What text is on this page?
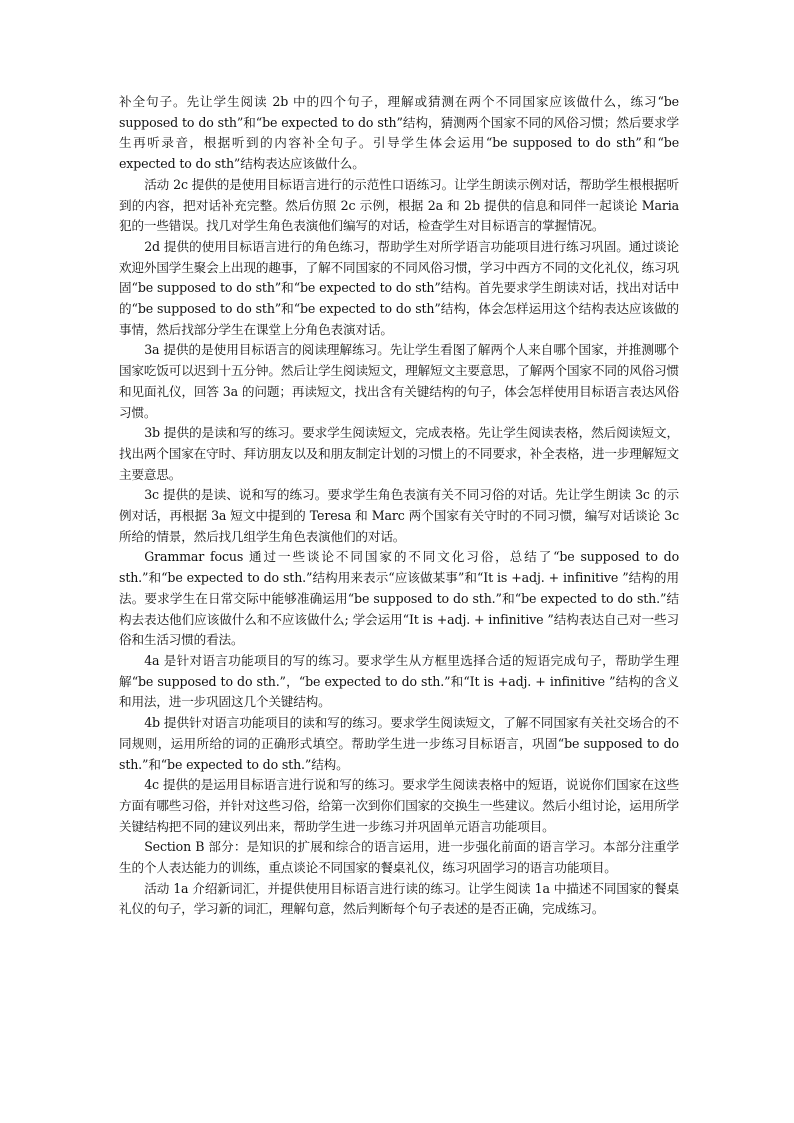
补全句子。先让学生阅读 2b 中的四个句子，理解或猜测在两个不同国家应该做什么，练习“be supposed to do sth”和“be expected to do sth”结构，猜测两个国家不同的风俗习惯；然后要求学生再听录音，根据听到的内容补全句子。引导学生体会运用“be supposed to do sth”和“be expected to do sth”结构表达应该做什么。

活动 2c 提供的是使用目标语言进行的示范性口语练习。让学生朗读示例对话，帮助学生根根据听到的内容，把对话补充完整。然后仿照 2c 示例，根据 2a 和 2b 提供的信息和同伴一起谈论 Maria 犯的一些错误。找几对学生角色表演他们编写的对话，检查学生对目标语言的掌握情况。

2d 提供的使用目标语言进行的角色练习，帮助学生对所学语言功能项目进行练习巩固。通过谈论欢迎外国学生聚会上出现的趣事，了解不同国家的不同风俗习惯，学习中西方不同的文化礼仪，练习巩固“be supposed to do sth”和“be expected to do sth”结构。首先要求学生朗读对话，找出对话中的“be supposed to do sth”和“be expected to do sth”结构，体会怎样运用这个结构表达应该做的事情，然后找部分学生在课堂上分角色表演对话。

3a 提供的是使用目标语言的阅读理解练习。先让学生看图了解两个人来自哪个国家，并推测哪个国家吃饭可以迟到十五分钟。然后让学生阅读短文，理解短文主要意思，了解两个国家不同的风俗习惯和见面礼仪，回答 3a 的问题；再读短文，找出含有关键结构的句子，体会怎样使用目标语言表达风俗习惯。

3b 提供的是读和写的练习。要求学生阅读短文，完成表格。先让学生阅读表格，然后阅读短文，找出两个国家在守时、拜访朋友以及和朋友制定计划的习惯上的不同要求，补全表格，进一步理解短文主要意思。

3c 提供的是读、说和写的练习。要求学生角色表演有关不同习俗的对话。先让学生朗读 3c 的示例对话，再根据 3a 短文中提到的 Teresa 和 Marc 两个国家有关守时的不同习惯，编写对话谈论 3c 所给的情景，然后找几组学生角色表演他们的对话。

Grammar focus 通过一些谈论不同国家的不同文化习俗，总结了“be supposed to do sth.”和“be expected to do sth.”结构用来表示“应该做某事”和“It is +adj. + infinitive ”结构的用法。要求学生在日常交际中能够准确运用“be supposed to do sth.”和“be expected to do sth.”结构去表达他们应该做什么和不应该做什么; 学会运用“It is +adj. + infinitive ”结构表达自己对一些习俗和生活习惯的看法。

4a 是针对语言功能项目的写的练习。要求学生从方框里选择合适的短语完成句子，帮助学生理解“be supposed to do sth.”，“be expected to do sth.”和“It is +adj. + infinitive ”结构的含义和用法，进一步巩固这几个关键结构。

4b 提供针对语言功能项目的读和写的练习。要求学生阅读短文，了解不同国家有关社交场合的不同规则，运用所给的词的正确形式填空。帮助学生进一步练习目标语言，巩固“be supposed to do sth.”和“be expected to do sth.”结构。

4c 提供的是运用目标语言进行说和写的练习。要求学生阅读表格中的短语，说说你们国家在这些方面有哪些习俗，并针对这些习俗，给第一次到你们国家的交换生一些建议。然后小组讨论，运用所学关键结构把不同的建议列出来，帮助学生进一步练习并巩固单元语言功能项目。

Section B 部分：是知识的扩展和综合的语言运用，进一步强化前面的语言学习。本部分注重学生的个人表达能力的训练，重点谈论不同国家的餐桌礼仪，练习巩固学习的语言功能项目。

活动 1a 介绍新词汇，并提供使用目标语言进行读的练习。让学生阅读 1a 中描述不同国家的餐桌礼仪的句子，学习新的词汇，理解句意，然后判断每个句子表述的是否正确，完成练习。
